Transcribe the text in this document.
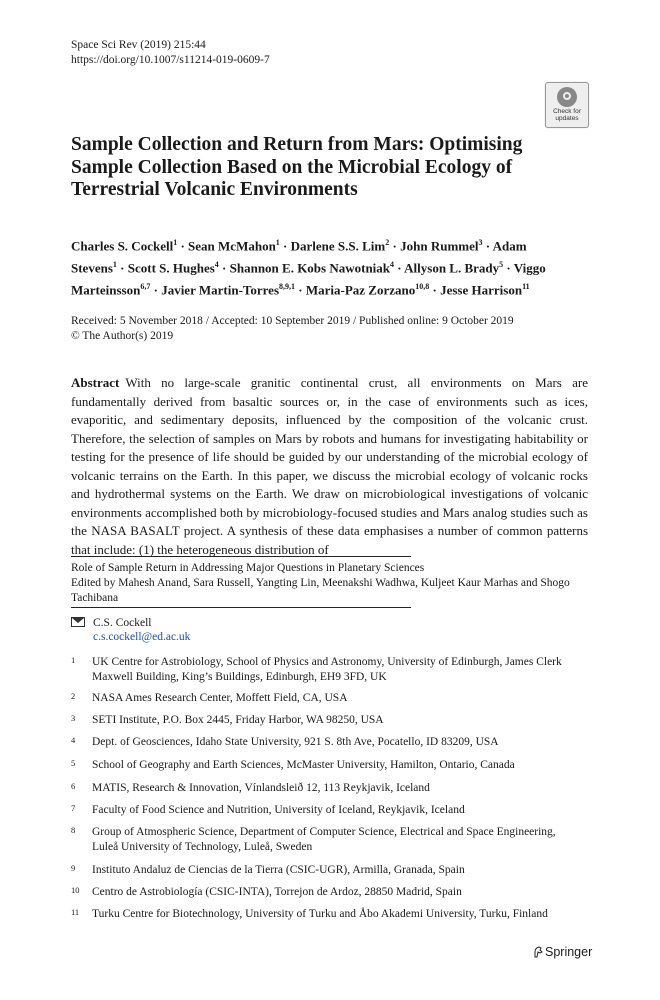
Space Sci Rev (2019) 215:44
https://doi.org/10.1007/s11214-019-0609-7
Check for
updates
Sample Collection and Return from Mars: Optimising Sample Collection Based on the Microbial Ecology of Terrestrial Volcanic Environments
Charles S. Cockell$^1$ · Sean McMahon$^1$ · Darlene S.S. Lim$^2$ · John Rummel$^3$ · Adam Stevens$^1$ · Scott S. Hughes$^4$ · Shannon E. Kobs Nawotniak$^4$ · Allyson L. Brady$^5$ · Viggo Marteinsson$^{6,7}$ · Javier Martin-Torres$^{8,9,1}$ · Maria-Paz Zorzano$^{10,8}$ · Jesse Harrison$^{11}$
Received: 5 November 2018 / Accepted: 10 September 2019 / Published online: 9 October 2019
© The Author(s) 2019
Abstract With no large-scale granitic continental crust, all environments on Mars are fundamentally derived from basaltic sources or, in the case of environments such as ices, evaporitic, and sedimentary deposits, influenced by the composition of the volcanic crust. Therefore, the selection of samples on Mars by robots and humans for investigating habitability or testing for the presence of life should be guided by our understanding of the microbial ecology of volcanic terrains on the Earth. In this paper, we discuss the microbial ecology of volcanic rocks and hydrothermal systems on the Earth. We draw on microbiological investigations of volcanic environments accomplished both by microbiology-focused studies and Mars analog studies such as the NASA BASALT project. A synthesis of these data emphasises a number of common patterns that include: (1) the heterogeneous distribution of
Role of Sample Return in Addressing Major Questions in Planetary Sciences
Edited by Mahesh Anand, Sara Russell, Yangting Lin, Meenakshi Wadhwa, Kuljeet Kaur Marhas and Shogo Tachibana
C.S. Cockell
c.s.cockell@ed.ac.uk
1 UK Centre for Astrobiology, School of Physics and Astronomy, University of Edinburgh, James Clerk Maxwell Building, King’s Buildings, Edinburgh, EH9 3FD, UK
2 NASA Ames Research Center, Moffett Field, CA, USA
3 SETI Institute, P.O. Box 2445, Friday Harbor, WA 98250, USA
4 Dept. of Geosciences, Idaho State University, 921 S. 8th Ave, Pocatello, ID 83209, USA
5 School of Geography and Earth Sciences, McMaster University, Hamilton, Ontario, Canada
6 MATIS, Research & Innovation, Vínlandsleið 12, 113 Reykjavik, Iceland
7 Faculty of Food Science and Nutrition, University of Iceland, Reykjavik, Iceland
8 Group of Atmospheric Science, Department of Computer Science, Electrical and Space Engineering, Luleå University of Technology, Luleå, Sweden
9 Instituto Andaluz de Ciencias de la Tierra (CSIC-UGR), Armilla, Granada, Spain
10 Centro de Astrobiología (CSIC-INTA), Torrejon de Ardoz, 28850 Madrid, Spain
11 Turku Centre for Biotechnology, University of Turku and Åbo Akademi University, Turku, Finland
Springer
